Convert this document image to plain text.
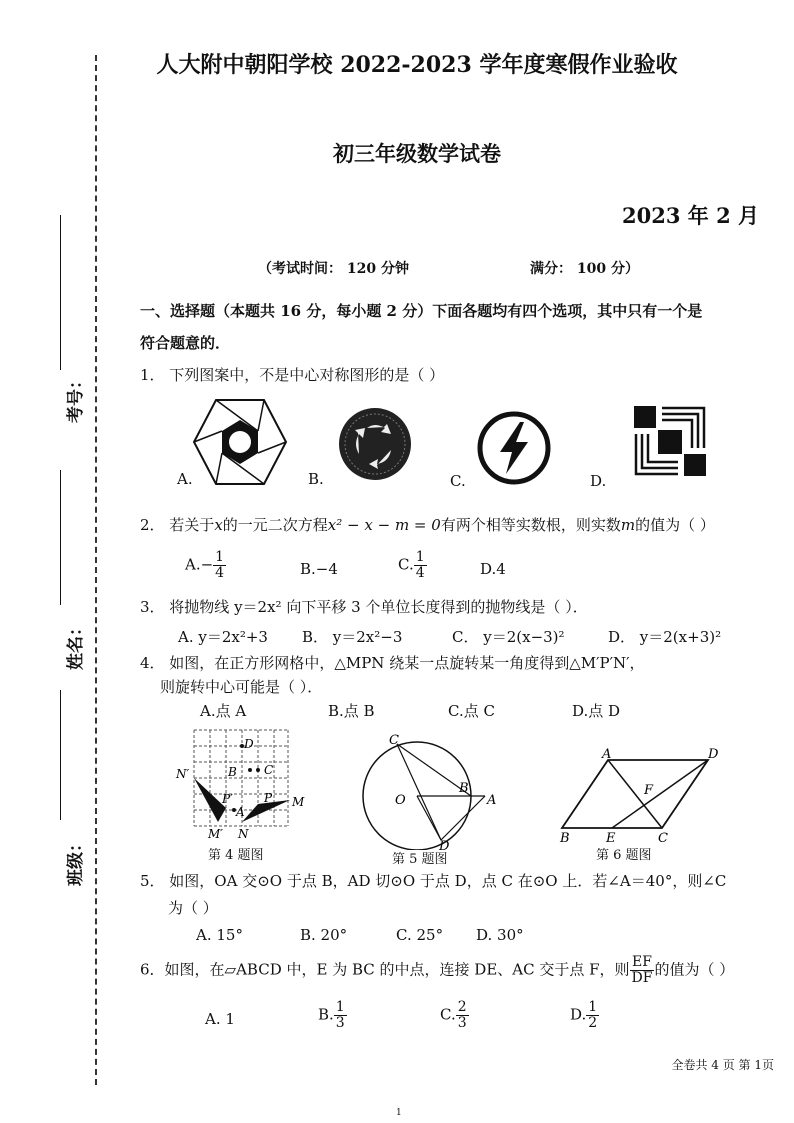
考号：
姓名：
班级：
人大附中朝阳学校 2022-2023 学年度寒假作业验收
初三年级数学试卷
2023 年 2 月
（考试时间： 120 分钟	满分： 100 分）
一、选择题（本题共 16 分，每小题 2 分）下面各题均有四个选项，其中只有一个是
符合题意的．
1． 下列图案中，不是中心对称图形的是（ ）
A.	B.	C.	D.
2． 若关于x的一元二次方程x² − x − m = 0有两个相等实数根，则实数m的值为（ ）
$A.- \frac{1}{4}$	B.−4	C. $\frac{1}{4}$	D.4
3． 将抛物线 y＝2x² 向下平移 3 个单位长度得到的抛物线是（ ）．
A. y＝2x²+3 B． y＝2x²−3	C． y＝2(x−3)²	D． y＝2(x+3)²
4． 如图，在正方形网格中，△MPN 绕某一点旋转某一角度得到△M′P′N′，
则旋转中心可能是（ ）．
A.点 A	B.点 B	C.点 C	D.点 D
D
B C
N′
P′	P
A
M
M′ N
第 4 题图
C
O
B
A
D
第 5 题图
A	D
F
B	E	C
第 6 题图
5． 如图，OA 交⊙O 于点 B，AD 切⊙O 于点 D，点 C 在⊙O 上．若∠A＝40°，则∠C
为（ ）
A. 15°	B. 20°	C. 25° D. 30°
6．如图，在▱ABCD 中，E 为 BC 的中点，连接 DE、AC 交于点 F，则 $\frac{EF}{DF}$ 的值为（ ）
A. 1	B. $\frac{1}{3}$	C. $\frac{2}{3}$	D. $\frac{1}{2}$
全卷共 4 页 第 1页
1
